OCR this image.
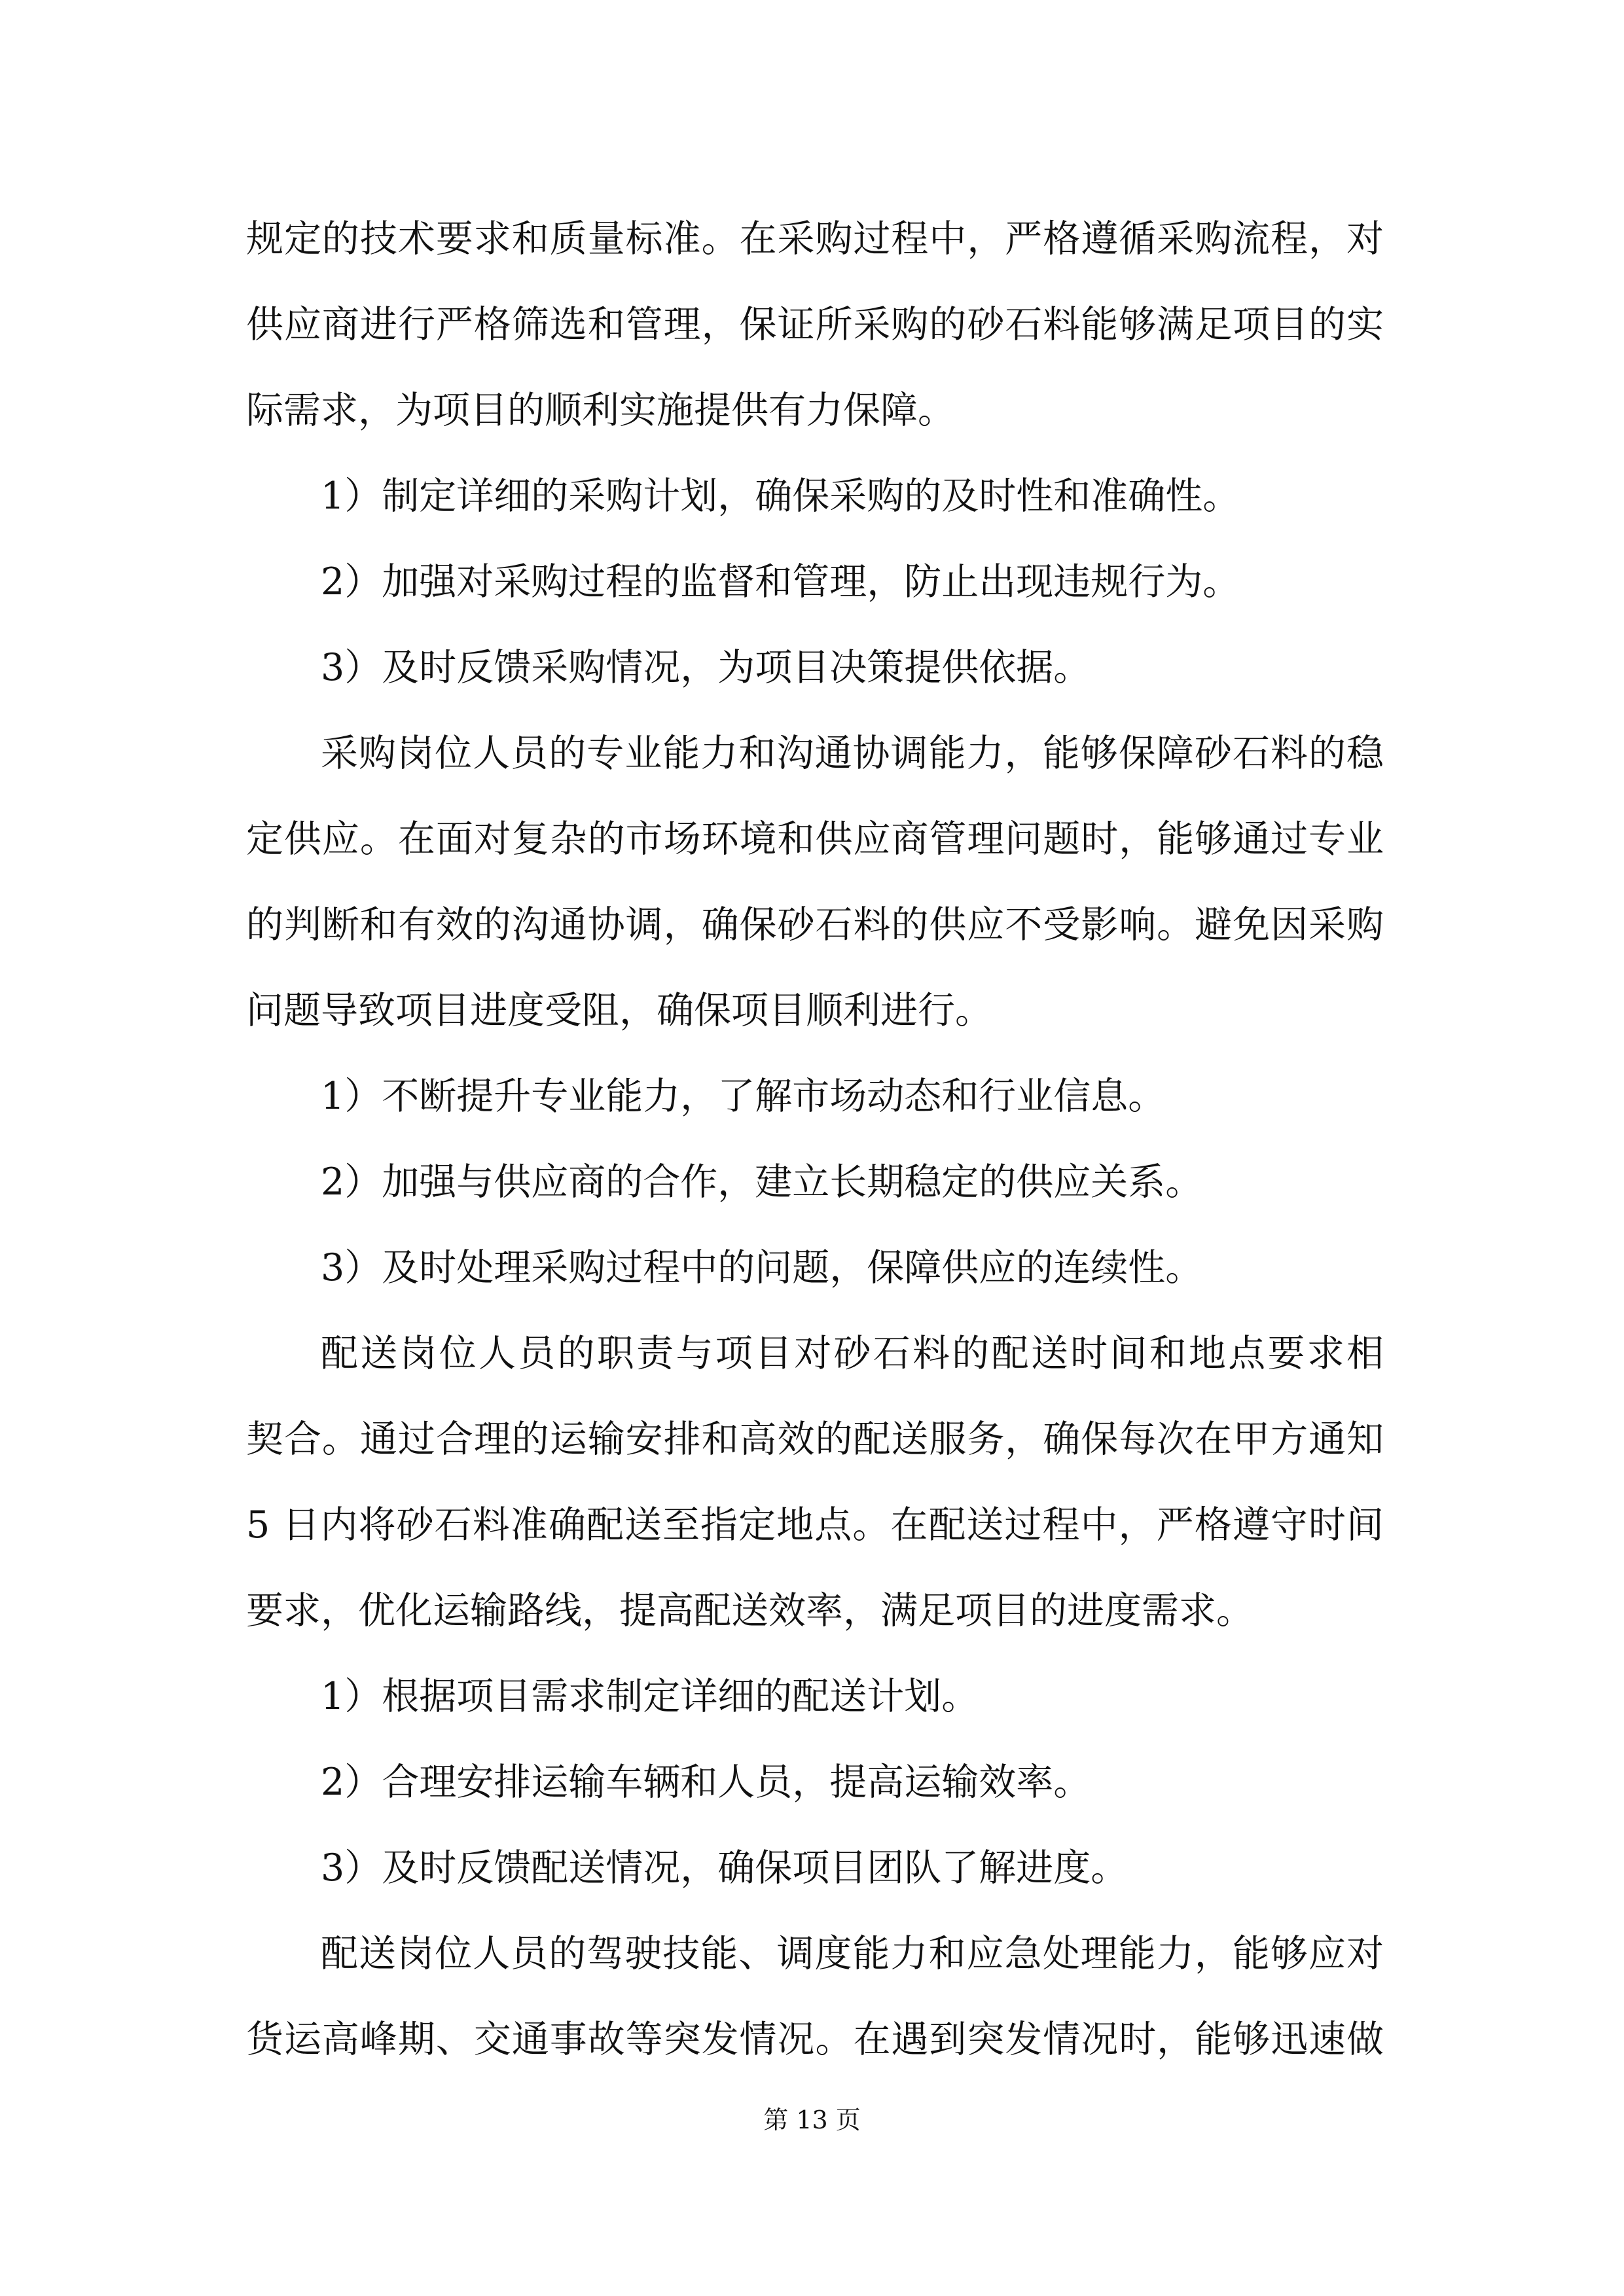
规定的技术要求和质量标准。在采购过程中，严格遵循采购流程，对
供应商进行严格筛选和管理，保证所采购的砂石料能够满足项目的实
际需求，为项目的顺利实施提供有力保障。
1）制定详细的采购计划，确保采购的及时性和准确性。
2）加强对采购过程的监督和管理，防止出现违规行为。
3）及时反馈采购情况，为项目决策提供依据。
采购岗位人员的专业能力和沟通协调能力，能够保障砂石料的稳
定供应。在面对复杂的市场环境和供应商管理问题时，能够通过专业
的判断和有效的沟通协调，确保砂石料的供应不受影响。避免因采购
问题导致项目进度受阻，确保项目顺利进行。
1）不断提升专业能力，了解市场动态和行业信息。
2）加强与供应商的合作，建立长期稳定的供应关系。
3）及时处理采购过程中的问题，保障供应的连续性。
配送岗位人员的职责与项目对砂石料的配送时间和地点要求相
契合。通过合理的运输安排和高效的配送服务，确保每次在甲方通知
5 日内将砂石料准确配送至指定地点。在配送过程中，严格遵守时间
要求，优化运输路线，提高配送效率，满足项目的进度需求。
1）根据项目需求制定详细的配送计划。
2）合理安排运输车辆和人员，提高运输效率。
3）及时反馈配送情况，确保项目团队了解进度。
配送岗位人员的驾驶技能、调度能力和应急处理能力，能够应对
货运高峰期、交通事故等突发情况。在遇到突发情况时，能够迅速做
第 13 页
